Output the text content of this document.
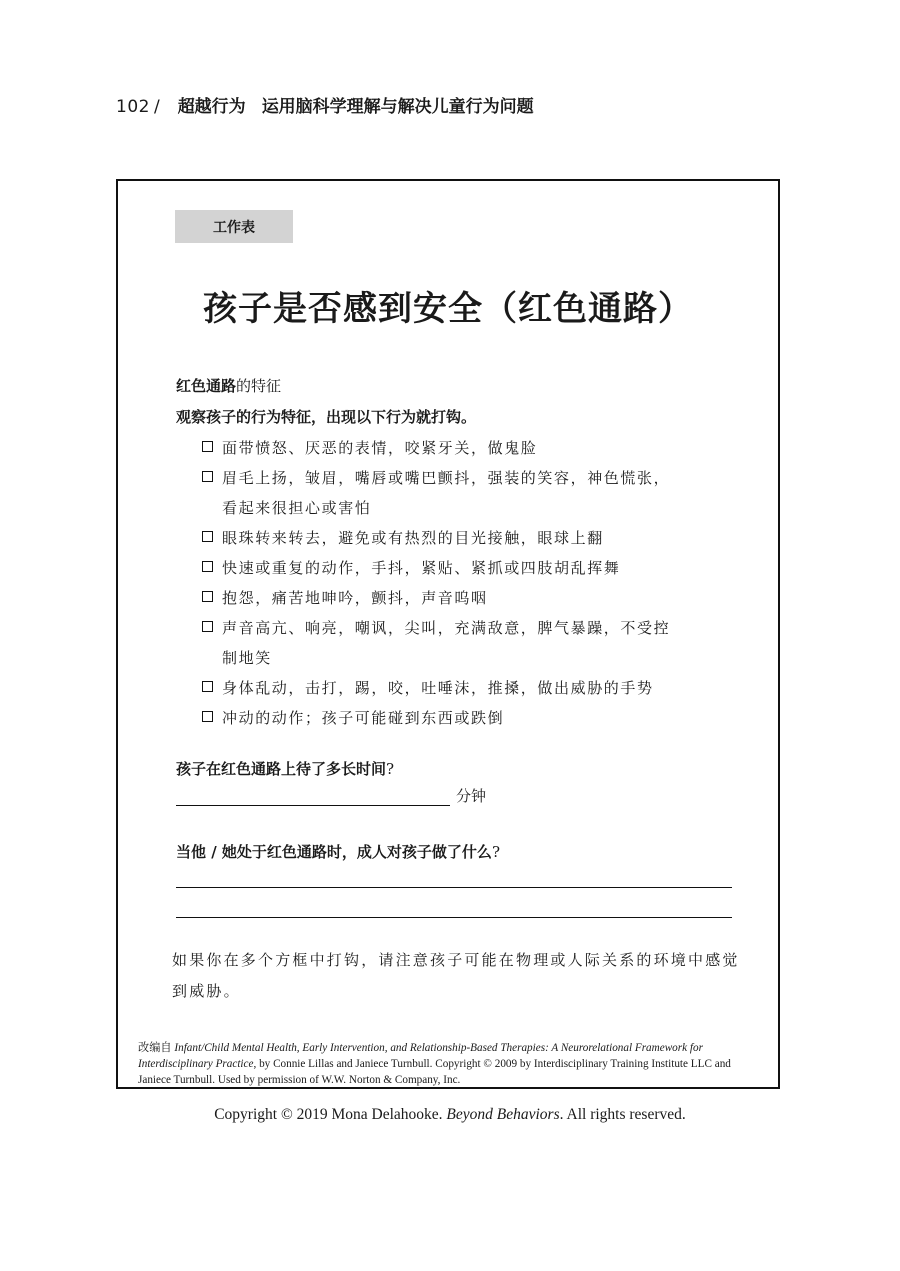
102 / 超越行为 运用脑科学理解与解决儿童行为问题
工作表
孩子是否感到安全（红色通路）
红色通路的特征
观察孩子的行为特征，出现以下行为就打钩。
面带愤怒、厌恶的表情，咬紧牙关，做鬼脸
眉毛上扬，皱眉，嘴唇或嘴巴颤抖，强装的笑容，神色慌张，
看起来很担心或害怕
眼珠转来转去，避免或有热烈的目光接触，眼球上翻
快速或重复的动作，手抖，紧贴、紧抓或四肢胡乱挥舞
抱怨，痛苦地呻吟，颤抖，声音呜咽
声音高亢、响亮，嘲讽，尖叫，充满敌意，脾气暴躁，不受控
制地笑
身体乱动，击打，踢，咬，吐唾沫，推搡，做出威胁的手势
冲动的动作；孩子可能碰到东西或跌倒
孩子在红色通路上待了多长时间?
分钟
当他 / 她处于红色通路时，成人对孩子做了什么?
如果你在多个方框中打钩，请注意孩子可能在物理或人际关系的环境中感觉到威胁。
改编自 Infant/Child Mental Health, Early Intervention, and Relationship-Based Therapies: A Neurorelational Framework for Interdisciplinary Practice, by Connie Lillas and Janiece Turnbull. Copyright © 2009 by Interdisciplinary Training Institute LLC and Janiece Turnbull. Used by permission of W.W. Norton & Company, Inc.
Copyright © 2019 Mona Delahooke. Beyond Behaviors. All rights reserved.
